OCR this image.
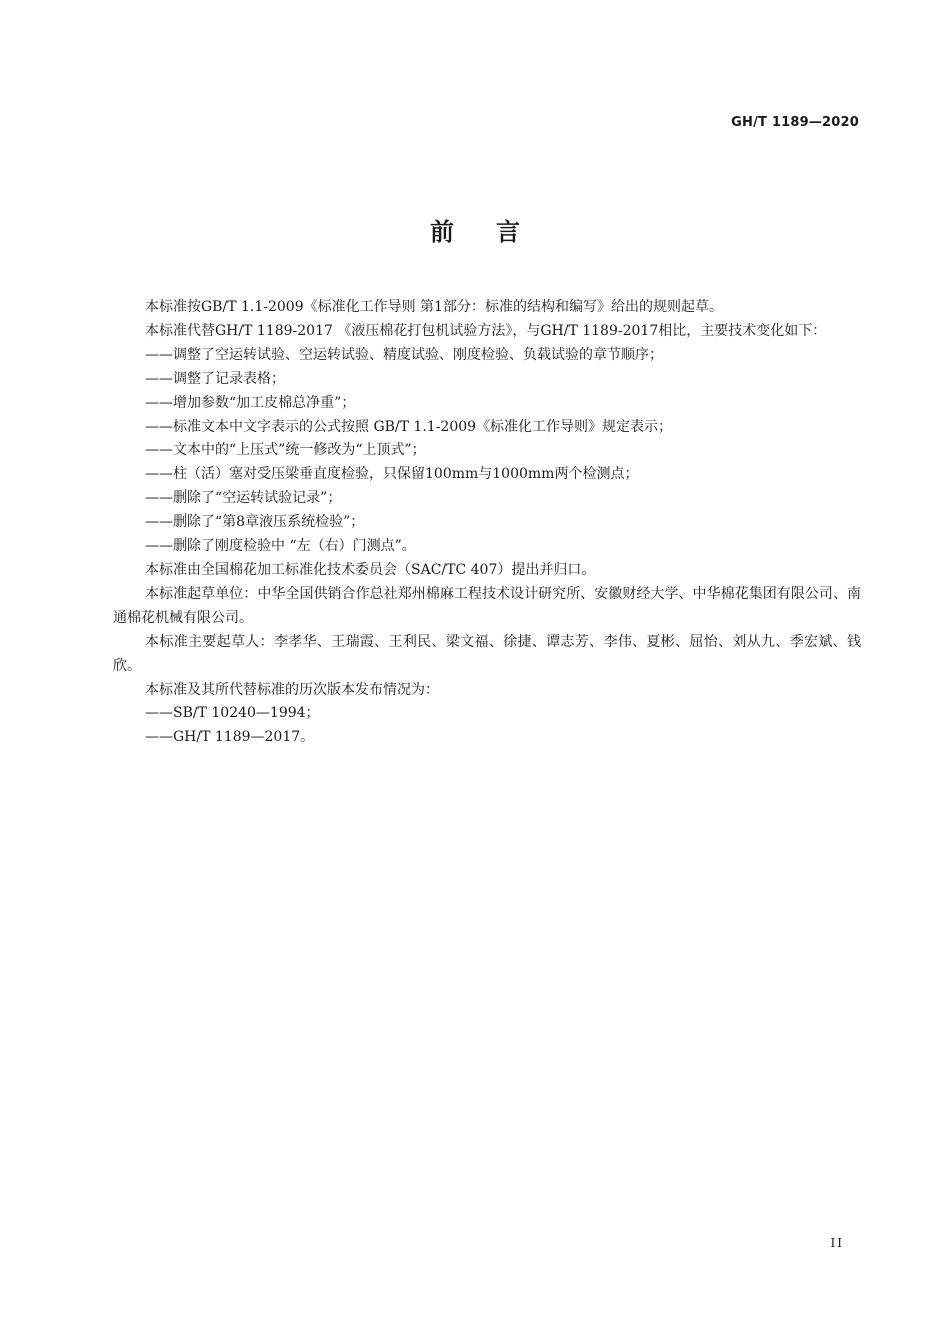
GH/T 1189—2020
前言

本标准按GB/T 1.1-2009《标准化工作导则 第1部分：标准的结构和编写》给出的规则起草。

本标准代替GH/T 1189-2017 《液压棉花打包机试验方法》，与GH/T 1189-2017相比，主要技术变化如下：

——调整了空运转试验、空运转试验、精度试验、刚度检验、负载试验的章节顺序；

——调整了记录表格；

——增加参数“加工皮棉总净重”；

——标准文本中文字表示的公式按照 GB/T 1.1-2009《标准化工作导则》规定表示；

——文本中的“上压式”统一修改为“上顶式”；

——柱（活）塞对受压梁垂直度检验，只保留100mm与1000mm两个检测点；

——删除了“空运转试验记录”；

——删除了“第8章液压系统检验”；

——删除了刚度检验中 “左（右）门测点”。

本标准由全国棉花加工标准化技术委员会（SAC/TC 407）提出并归口。

本标准起草单位：中华全国供销合作总社郑州棉麻工程技术设计研究所、安徽财经大学、中华棉花集团有限公司、南通棉花机械有限公司。

本标准主要起草人：李孝华、王瑞霞、王利民、梁文福、徐捷、谭志芳、李伟、夏彬、屈怡、刘从九、季宏斌、钱欣。

本标准及其所代替标准的历次版本发布情况为：

——SB/T 10240—1994；

——GH/T 1189—2017。

II
